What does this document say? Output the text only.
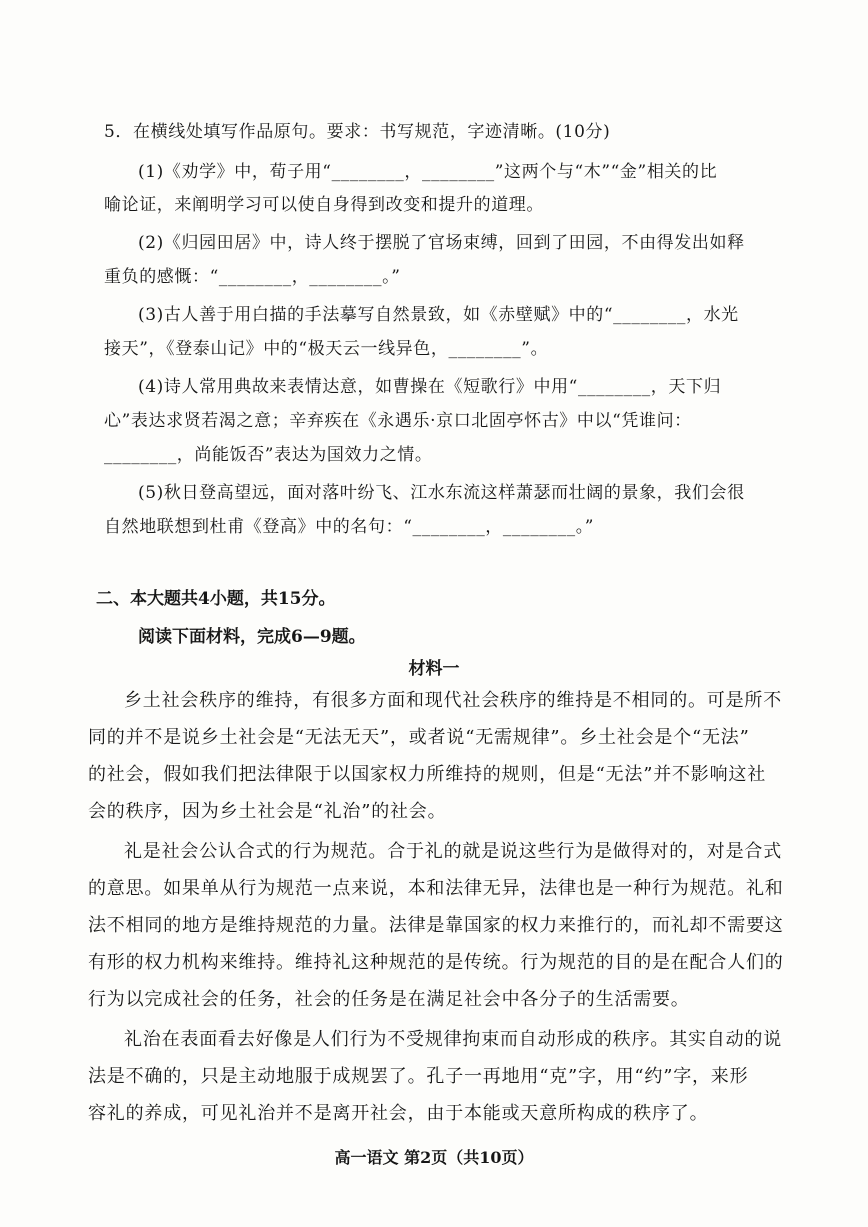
5．在横线处填写作品原句。要求：书写规范，字迹清晰。(10分)
(1)《劝学》中，荀子用“________，________”这两个与“木”“金”相关的比
喻论证，来阐明学习可以使自身得到改变和提升的道理。
(2)《归园田居》中，诗人终于摆脱了官场束缚，回到了田园，不由得发出如释
重负的感慨：“________，________。”
(3)古人善于用白描的手法摹写自然景致，如《赤壁赋》中的“________，水光
接天”，《登泰山记》中的“极天云一线异色，________”。
(4)诗人常用典故来表情达意，如曹操在《短歌行》中用“________，天下归
心”表达求贤若渴之意；辛弃疾在《永遇乐·京口北固亭怀古》中以“凭谁问：
________，尚能饭否”表达为国效力之情。
(5)秋日登高望远，面对落叶纷飞、江水东流这样萧瑟而壮阔的景象，我们会很
自然地联想到杜甫《登高》中的名句：“________，________。”
二、本大题共4小题，共15分。
阅读下面材料，完成6—9题。
材料一
乡土社会秩序的维持，有很多方面和现代社会秩序的维持是不相同的。可是所不
同的并不是说乡土社会是“无法无天”，或者说“无需规律”。乡土社会是个“无法”
的社会，假如我们把法律限于以国家权力所维持的规则，但是“无法”并不影响这社
会的秩序，因为乡土社会是“礼治”的社会。
礼是社会公认合式的行为规范。合于礼的就是说这些行为是做得对的，对是合式
的意思。如果单从行为规范一点来说，本和法律无异，法律也是一种行为规范。礼和
法不相同的地方是维持规范的力量。法律是靠国家的权力来推行的，而礼却不需要这
有形的权力机构来维持。维持礼这种规范的是传统。行为规范的目的是在配合人们的
行为以完成社会的任务，社会的任务是在满足社会中各分子的生活需要。
礼治在表面看去好像是人们行为不受规律拘束而自动形成的秩序。其实自动的说
法是不确的，只是主动地服于成规罢了。孔子一再地用“克”字，用“约”字，来形
容礼的养成，可见礼治并不是离开社会，由于本能或天意所构成的秩序了。
高一语文 第2页（共10页）
